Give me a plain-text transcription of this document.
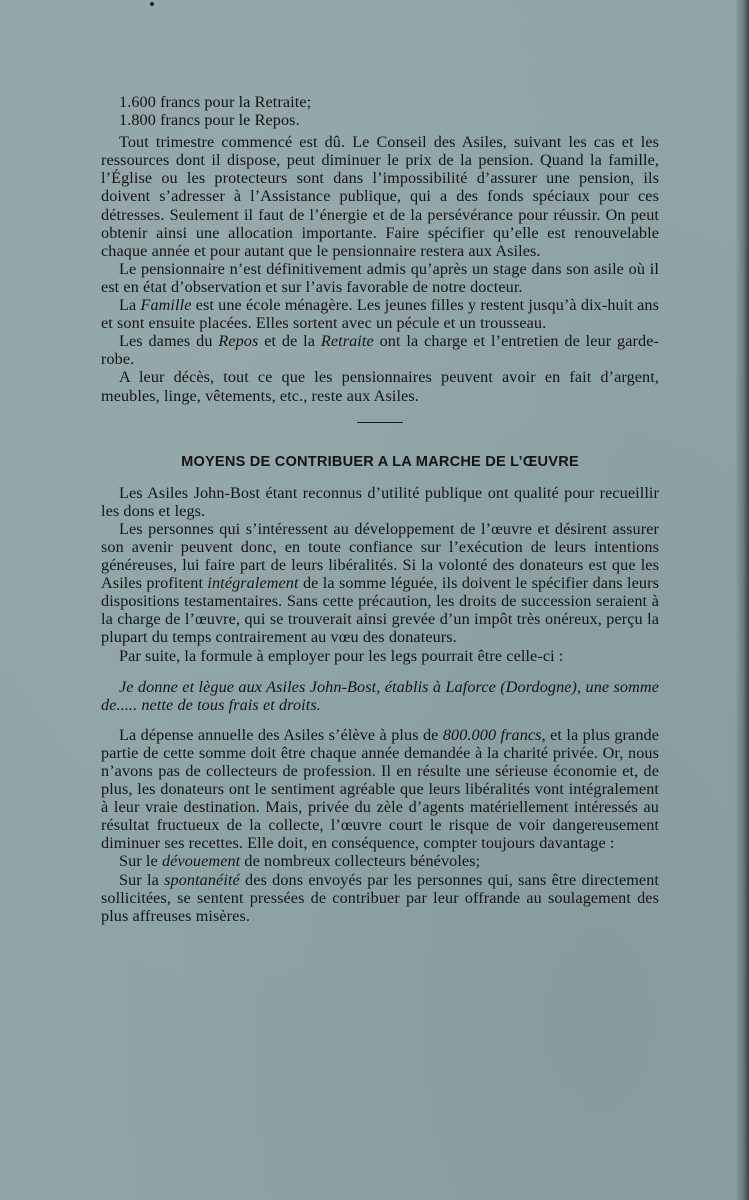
1.600 francs pour la Retraite;
1.800 francs pour le Repos.

Tout trimestre commencé est dû. Le Conseil des Asiles, suivant les cas et les ressources dont il dispose, peut diminuer le prix de la pension. Quand la famille, l’Église ou les protecteurs sont dans l’impossibilité d’assurer une pension, ils doivent s’adresser à l’Assistance publique, qui a des fonds spéciaux pour ces détresses. Seulement il faut de l’énergie et de la persévérance pour réussir. On peut obtenir ainsi une allocation importante. Faire spécifier qu’elle est renouvelable chaque année et pour autant que le pensionnaire restera aux Asiles.

Le pensionnaire n’est définitivement admis qu’après un stage dans son asile où il est en état d’observation et sur l’avis favorable de notre docteur.

La Famille est une école ménagère. Les jeunes filles y restent jusqu’à dix-huit ans et sont ensuite placées. Elles sortent avec un pécule et un trousseau.

Les dames du Repos et de la Retraite ont la charge et l’entretien de leur garde-robe.

A leur décès, tout ce que les pensionnaires peuvent avoir en fait d’argent, meubles, linge, vêtements, etc., reste aux Asiles.

MOYENS DE CONTRIBUER A LA MARCHE DE L’ŒUVRE

Les Asiles John-Bost étant reconnus d’utilité publique ont qualité pour recueillir les dons et legs.

Les personnes qui s’intéressent au développement de l’œuvre et désirent assurer son avenir peuvent donc, en toute confiance sur l’exécution de leurs intentions généreuses, lui faire part de leurs libéralités. Si la volonté des donateurs est que les Asiles profitent intégralement de la somme léguée, ils doivent le spécifier dans leurs dispositions testamentaires. Sans cette précaution, les droits de succession seraient à la charge de l’œuvre, qui se trouverait ainsi grevée d’un impôt très onéreux, perçu la plupart du temps contrairement au vœu des donateurs.

Par suite, la formule à employer pour les legs pourrait être celle-ci :

Je donne et lègue aux Asiles John-Bost, établis à Laforce (Dordogne), une somme de..... nette de tous frais et droits.

La dépense annuelle des Asiles s’élève à plus de 800.000 francs, et la plus grande partie de cette somme doit être chaque année demandée à la charité privée. Or, nous n’avons pas de collecteurs de profession. Il en résulte une sérieuse économie et, de plus, les donateurs ont le sentiment agréable que leurs libéralités vont intégralement à leur vraie destination. Mais, privée du zèle d’agents matériellement intéressés au résultat fructueux de la collecte, l’œuvre court le risque de voir dangereusement diminuer ses recettes. Elle doit, en conséquence, compter toujours davantage :

Sur le dévouement de nombreux collecteurs bénévoles;

Sur la spontanéité des dons envoyés par les personnes qui, sans être directement sollicitées, se sentent pressées de contribuer par leur offrande au soulagement des plus affreuses misères.
